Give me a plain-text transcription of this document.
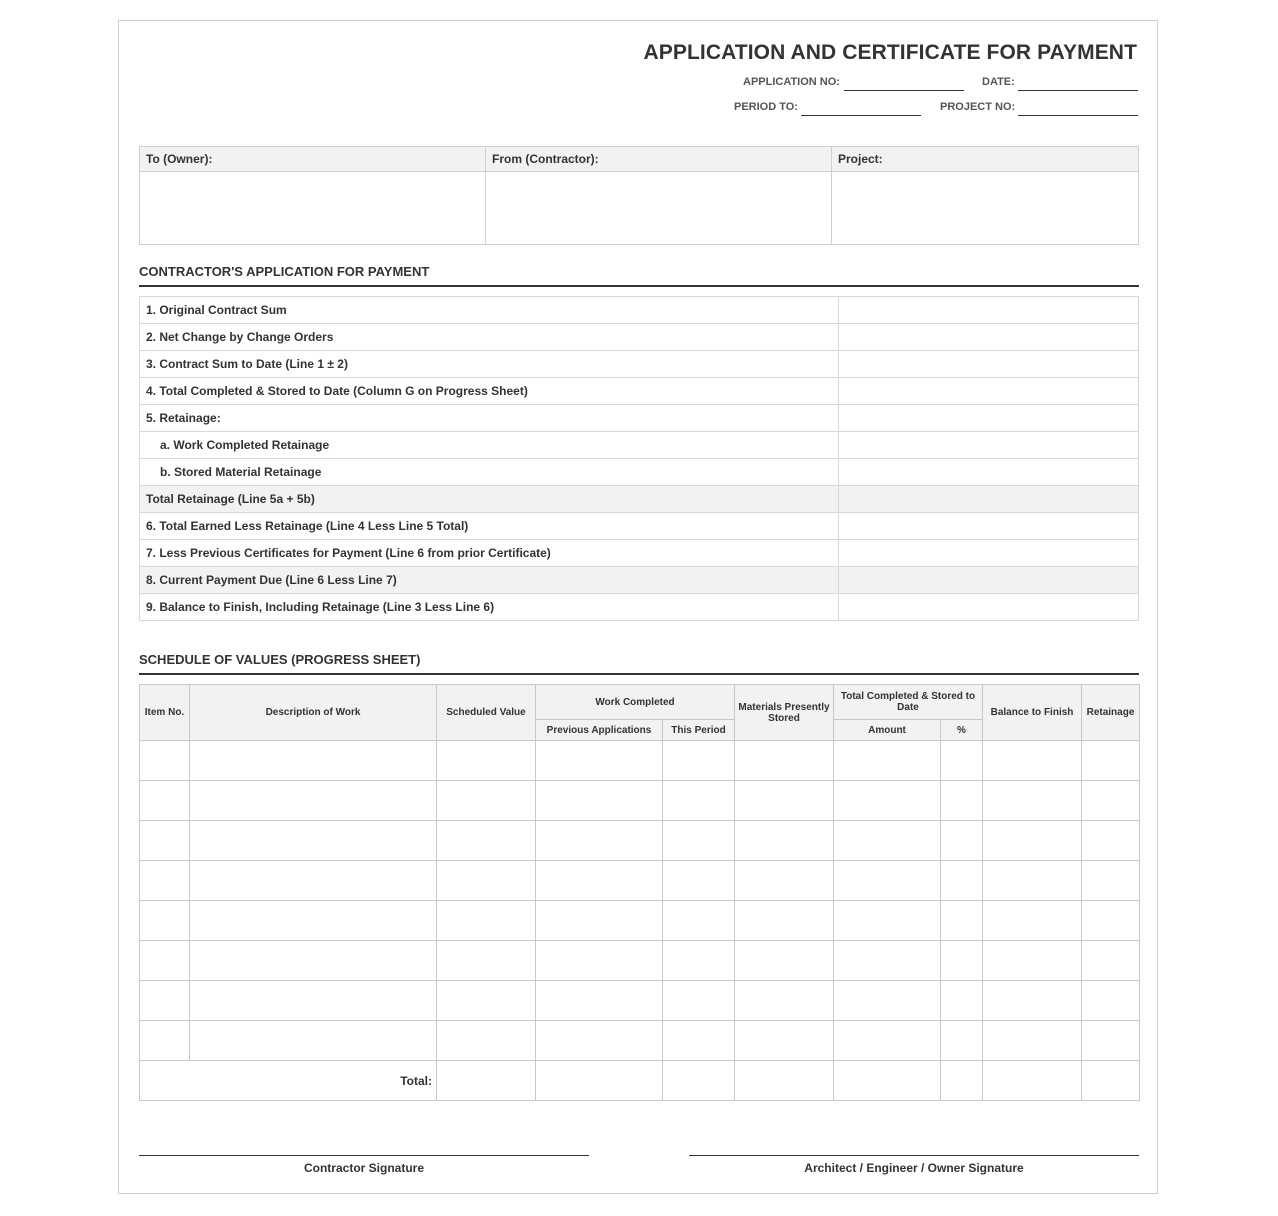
APPLICATION AND CERTIFICATE FOR PAYMENT
APPLICATION NO:	DATE:
PERIOD TO:	PROJECT NO:
To (Owner):	From (Contractor):	Project:

CONTRACTOR'S APPLICATION FOR PAYMENT
1. Original Contract Sum	
2. Net Change by Change Orders	
3. Contract Sum to Date (Line 1 ± 2)	
4. Total Completed & Stored to Date (Column G on Progress Sheet)	
5. Retainage:	
a. Work Completed Retainage	
b. Stored Material Retainage	
Total Retainage (Line 5a + 5b)	
6. Total Earned Less Retainage (Line 4 Less Line 5 Total)	
7. Less Previous Certificates for Payment (Line 6 from prior Certificate)	
8. Current Payment Due (Line 6 Less Line 7)	
9. Balance to Finish, Including Retainage (Line 3 Less Line 6)	
SCHEDULE OF VALUES (PROGRESS SHEET)
Item No.	Description of Work	Scheduled Value	Work Completed		Materials Presently Stored	Total Completed & Stored to Date		Balance to Finish	Retainage
			Previous Applications	This Period		Amount	%		

Total:									
Contractor Signature	Architect / Engineer / Owner Signature
